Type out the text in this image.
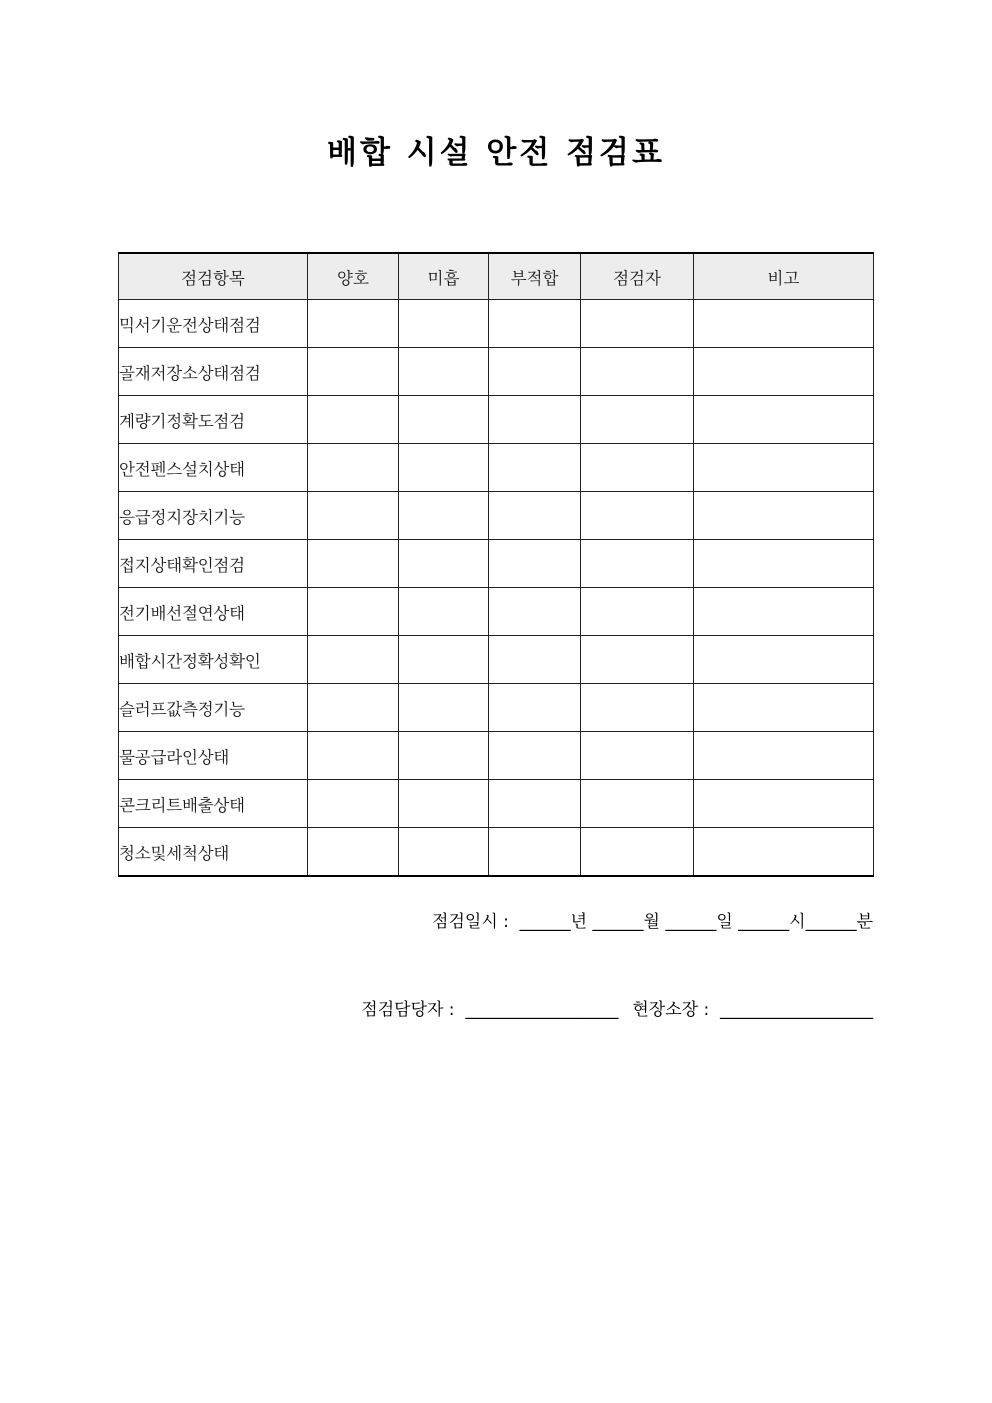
배합 시설 안전 점검표
점검항목	양호	미흡	부적합	점검자	비고
믹서기운전상태점검					
골재저장소상태점검					
계량기정확도점검					
안전펜스설치상태					
응급정지장치기능					
접지상태확인점검					
전기배선절연상태					
배합시간정확성확인					
슬러프값측정기능					
물공급라인상태					
콘크리트배출상태					
청소및세척상태					
점검일시 :  ______년 ______월 ______일 ______시______분

점검담당자 :  __________________ 현장소장 :  __________________
